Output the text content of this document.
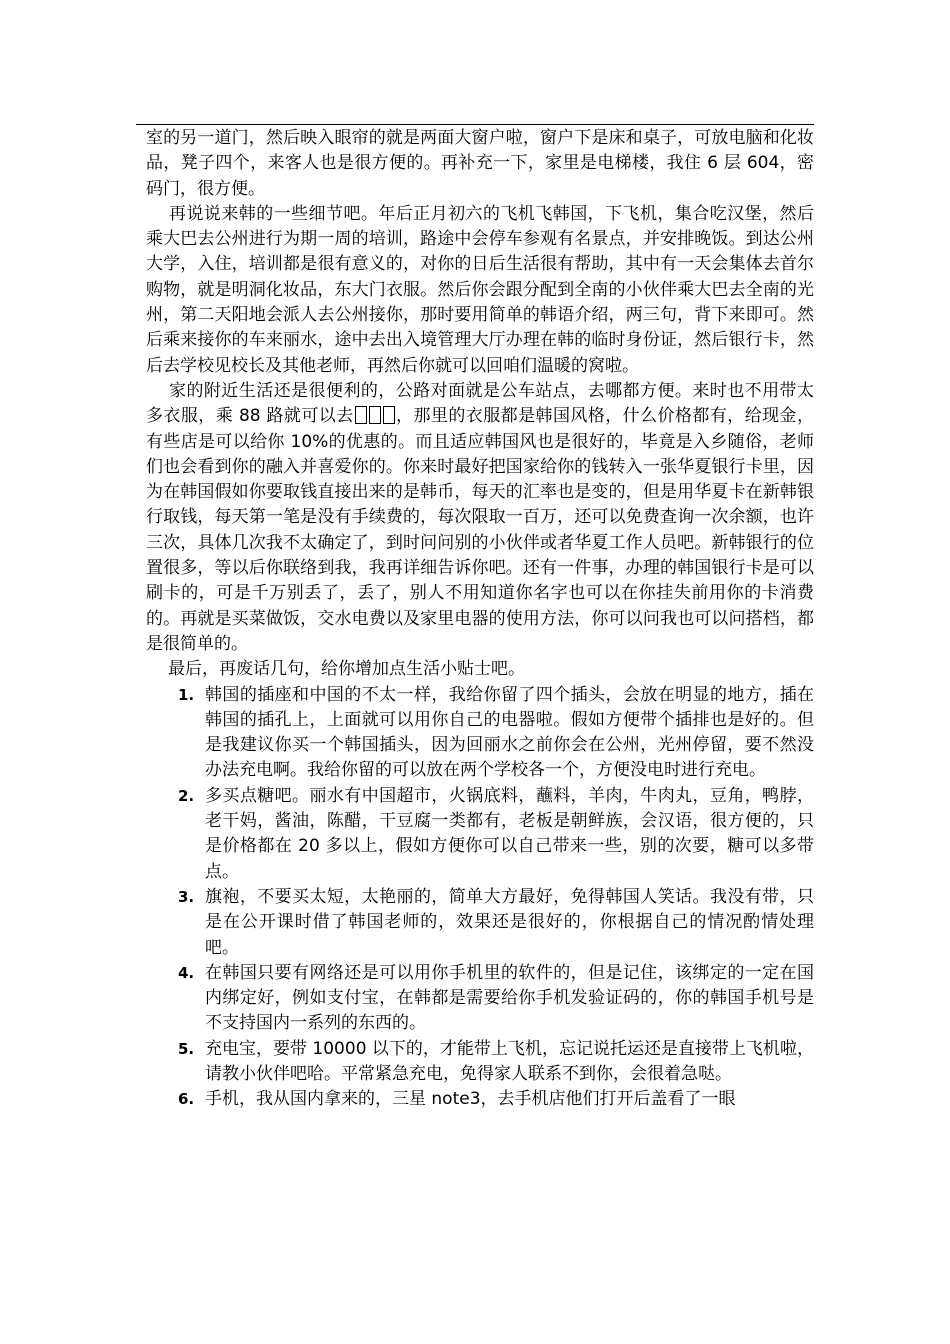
室的另一道门，然后映入眼帘的就是两面大窗户啦，窗户下是床和桌子，可放电脑和化妆品，凳子四个，来客人也是很方便的。再补充一下，家里是电梯楼，我住 6 层 604，密码门，很方便。

再说说来韩的一些细节吧。年后正月初六的飞机飞韩国，下飞机，集合吃汉堡，然后乘大巴去公州进行为期一周的培训，路途中会停车参观有名景点，并安排晚饭。到达公州大学，入住，培训都是很有意义的，对你的日后生活很有帮助，其中有一天会集体去首尔购物，就是明洞化妆品，东大门衣服。然后你会跟分配到全南的小伙伴乘大巴去全南的光州，第二天阳地会派人去公州接你，那时要用简单的韩语介绍，两三句，背下来即可。然后乘来接你的车来丽水，途中去出入境管理大厅办理在韩的临时身份证，然后银行卡，然后去学校见校长及其他老师，再然后你就可以回咱们温暖的窝啦。

家的附近生活还是很便利的，公路对面就是公车站点，去哪都方便。来时也不用带太多衣服，乘 88 路就可以去 ，那里的衣服都是韩国风格，什么价格都有，给现金，有些店是可以给你 10%的优惠的。而且适应韩国风也是很好的，毕竟是入乡随俗，老师们也会看到你的融入并喜爱你的。你来时最好把国家给你的钱转入一张华夏银行卡里，因为在韩国假如你要取钱直接出来的是韩币，每天的汇率也是变的，但是用华夏卡在新韩银行取钱，每天第一笔是没有手续费的，每次限取一百万，还可以免费查询一次余额，也许三次，具体几次我不太确定了，到时问问别的小伙伴或者华夏工作人员吧。新韩银行的位置很多，等以后你联络到我，我再详细告诉你吧。还有一件事，办理的韩国银行卡是可以刷卡的，可是千万别丢了，丢了，别人不用知道你名字也可以在你挂失前用你的卡消费的。再就是买菜做饭，交水电费以及家里电器的使用方法，你可以问我也可以问搭档，都是很简单的。

最后，再废话几句，给你增加点生活小贴士吧。

1. 韩国的插座和中国的不太一样，我给你留了四个插头，会放在明显的地方，插在韩国的插孔上，上面就可以用你自己的电器啦。假如方便带个插排也是好的。但是我建议你买一个韩国插头，因为回丽水之前你会在公州，光州停留，要不然没办法充电啊。我给你留的可以放在两个学校各一个，方便没电时进行充电。
2. 多买点糖吧。丽水有中国超市，火锅底料，蘸料，羊肉，牛肉丸，豆角，鸭脖，老干妈，酱油，陈醋，干豆腐一类都有，老板是朝鲜族，会汉语，很方便的，只是价格都在 20 多以上，假如方便你可以自己带来一些，别的次要，糖可以多带点。
3. 旗袍，不要买太短，太艳丽的，简单大方最好，免得韩国人笑话。我没有带，只是在公开课时借了韩国老师的，效果还是很好的，你根据自己的情况酌情处理吧。
4. 在韩国只要有网络还是可以用你手机里的软件的，但是记住，该绑定的一定在国内绑定好，例如支付宝，在韩都是需要给你手机发验证码的，你的韩国手机号是不支持国内一系列的东西的。
5. 充电宝，要带 10000 以下的，才能带上飞机，忘记说托运还是直接带上飞机啦，请教小伙伴吧哈。平常紧急充电，免得家人联系不到你，会很着急哒。
6. 手机，我从国内拿来的，三星 note3，去手机店他们打开后盖看了一眼
